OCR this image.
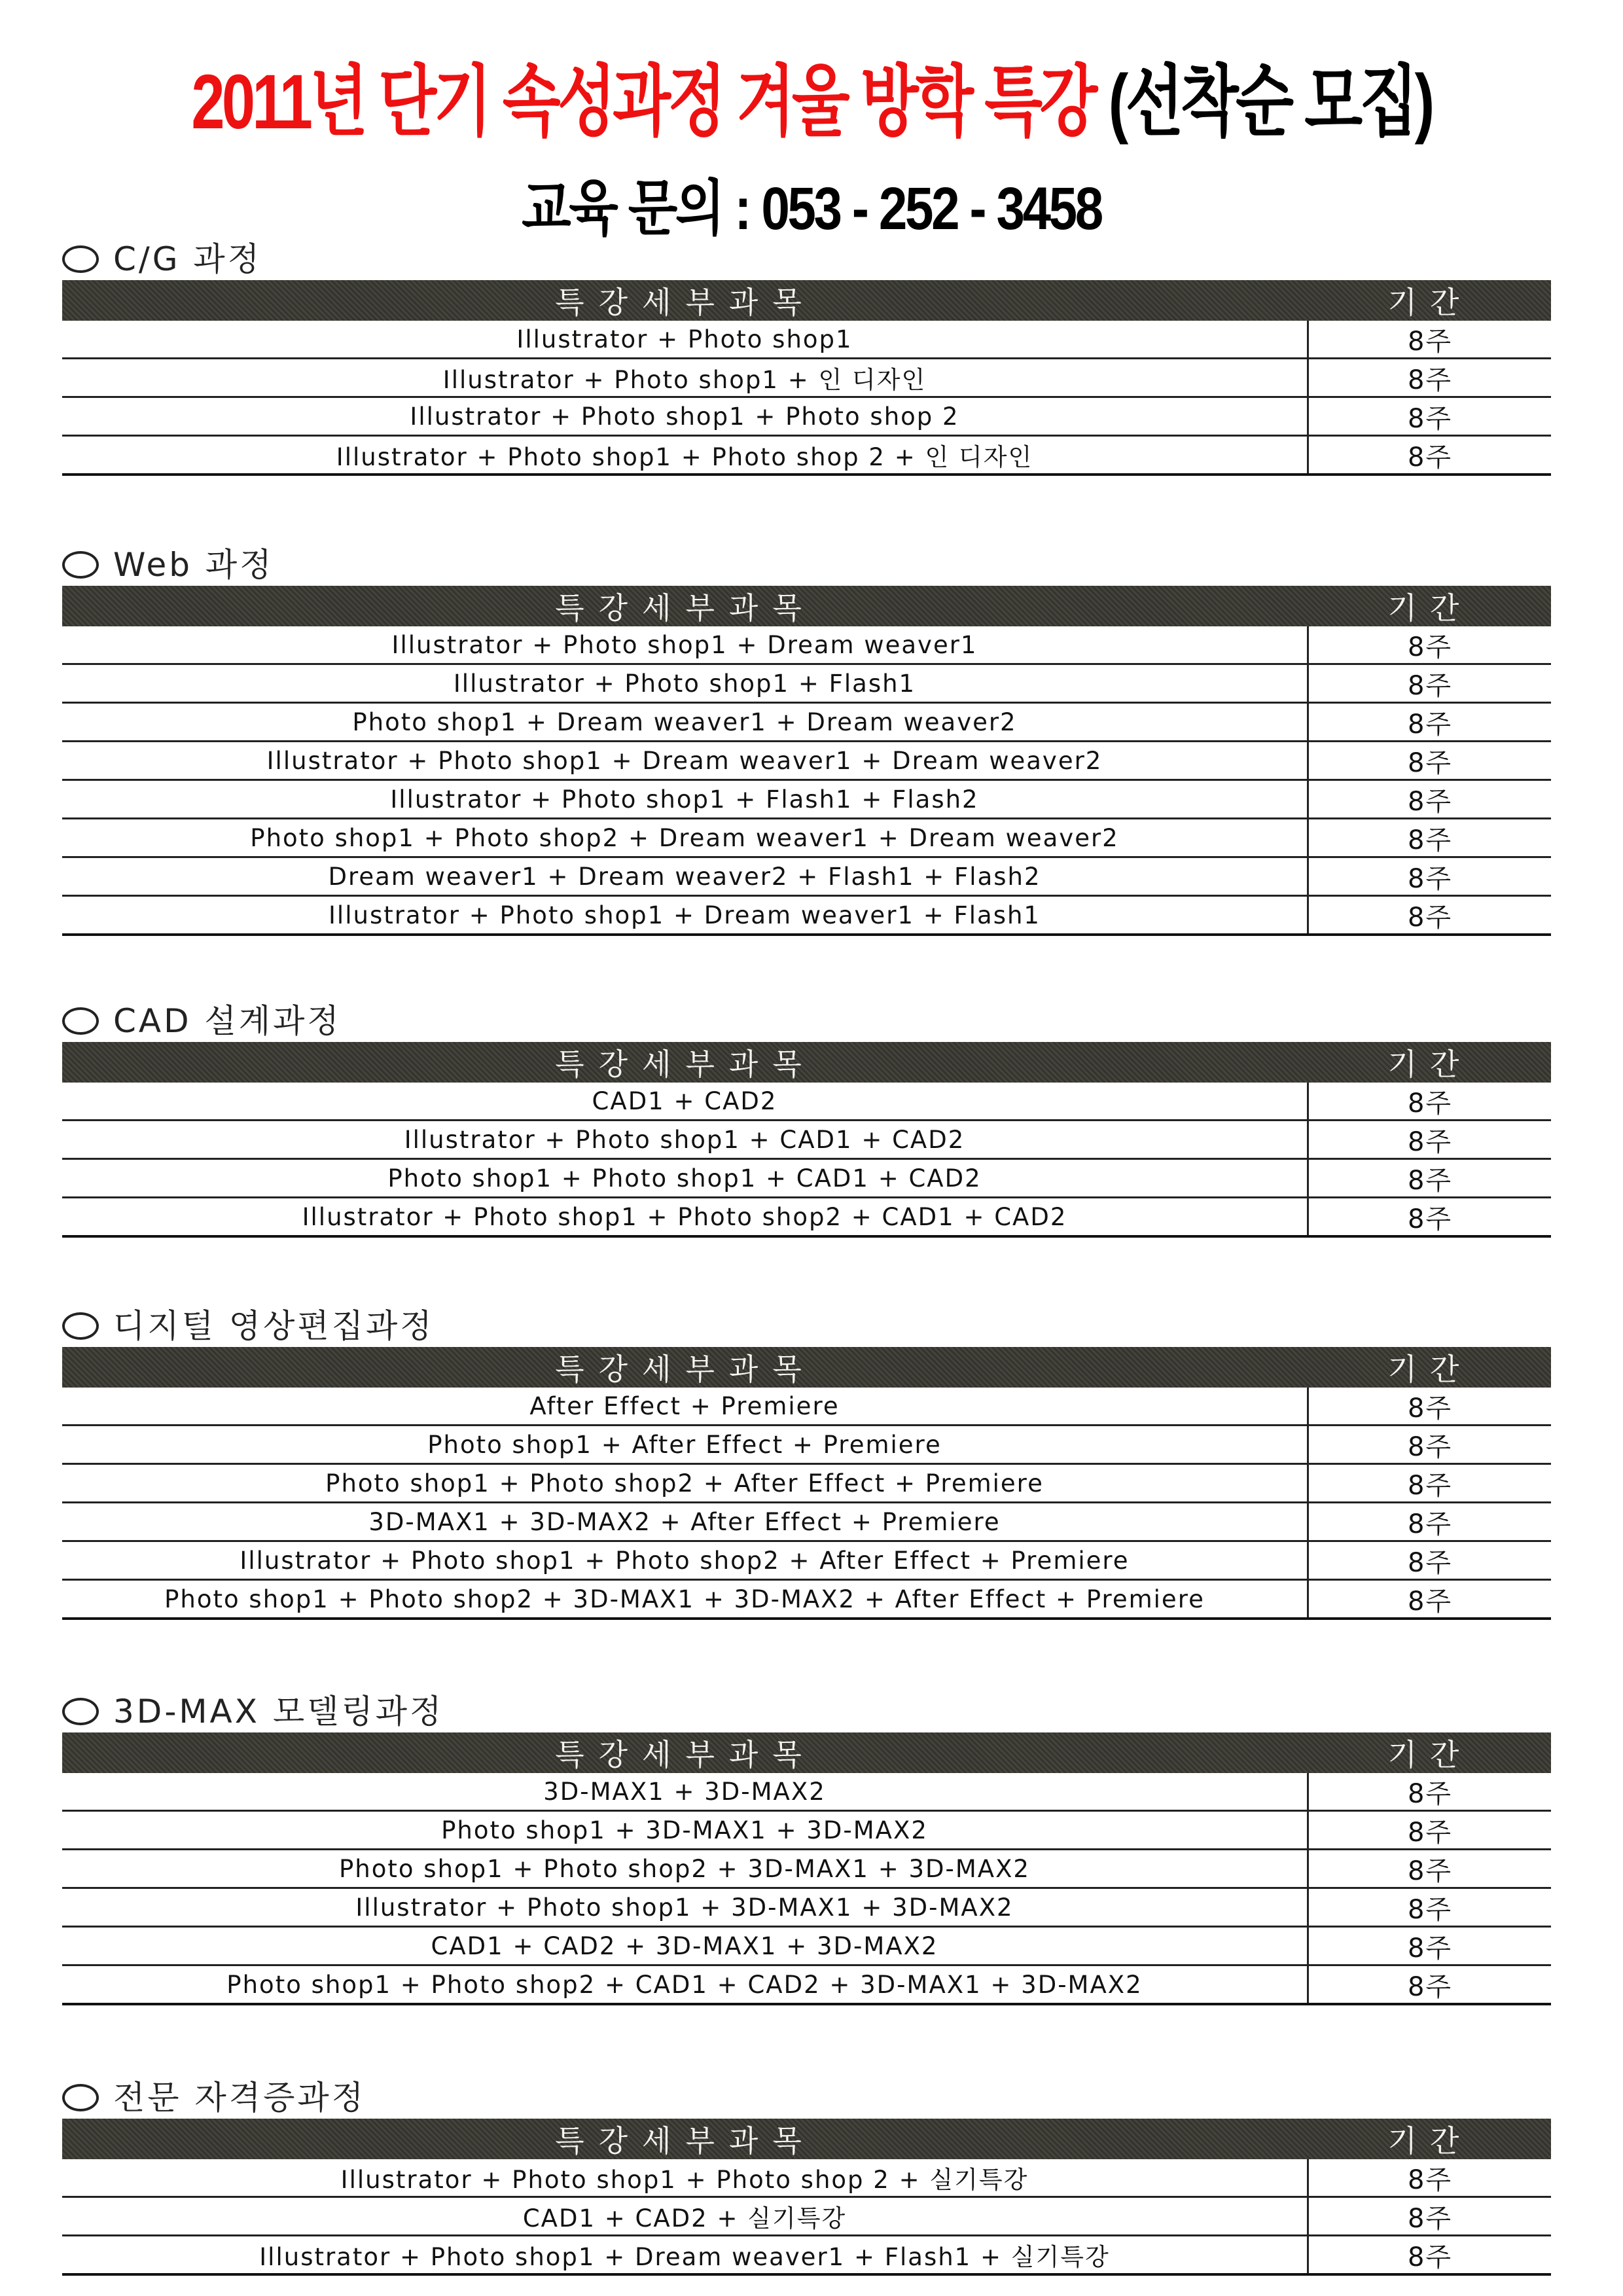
2011년 단기 속성과정 겨울 방학 특강 (선착순 모집)
교육 문의 : 053 - 252 - 3458
C/G 과정
특강세부과목	기간
Illustrator + Photo shop1	8주
Illustrator + Photo shop1 + 인 디자인	8주
Illustrator + Photo shop1 + Photo shop 2	8주
Illustrator + Photo shop1 + Photo shop 2 + 인 디자인	8주
Web 과정
특강세부과목	기간
Illustrator + Photo shop1 + Dream weaver1	8주
Illustrator + Photo shop1 + Flash1	8주
Photo shop1 + Dream weaver1 + Dream weaver2	8주
Illustrator + Photo shop1 + Dream weaver1 + Dream weaver2	8주
Illustrator + Photo shop1 + Flash1 + Flash2	8주
Photo shop1 + Photo shop2 + Dream weaver1 + Dream weaver2	8주
Dream weaver1 + Dream weaver2 + Flash1 + Flash2	8주
Illustrator + Photo shop1 + Dream weaver1 + Flash1	8주
CAD 설계과정
특강세부과목	기간
CAD1 + CAD2	8주
Illustrator + Photo shop1 + CAD1 + CAD2	8주
Photo shop1 + Photo shop1 + CAD1 + CAD2	8주
Illustrator + Photo shop1 + Photo shop2 + CAD1 + CAD2	8주
디지털 영상편집과정
특강세부과목	기간
After Effect + Premiere	8주
Photo shop1 + After Effect + Premiere	8주
Photo shop1 + Photo shop2 + After Effect + Premiere	8주
3D-MAX1 + 3D-MAX2 + After Effect + Premiere	8주
Illustrator + Photo shop1 + Photo shop2 + After Effect + Premiere	8주
Photo shop1 + Photo shop2 + 3D-MAX1 + 3D-MAX2 + After Effect + Premiere	8주
3D-MAX 모델링과정
특강세부과목	기간
3D-MAX1 + 3D-MAX2	8주
Photo shop1 + 3D-MAX1 + 3D-MAX2	8주
Photo shop1 + Photo shop2 + 3D-MAX1 + 3D-MAX2	8주
Illustrator + Photo shop1 + 3D-MAX1 + 3D-MAX2	8주
CAD1 + CAD2 + 3D-MAX1 + 3D-MAX2	8주
Photo shop1 + Photo shop2 + CAD1 + CAD2 + 3D-MAX1 + 3D-MAX2	8주
전문 자격증과정
특강세부과목	기간
Illustrator + Photo shop1 + Photo shop 2 + 실기특강	8주
CAD1 + CAD2 + 실기특강	8주
Illustrator + Photo shop1 + Dream weaver1 + Flash1 + 실기특강	8주
